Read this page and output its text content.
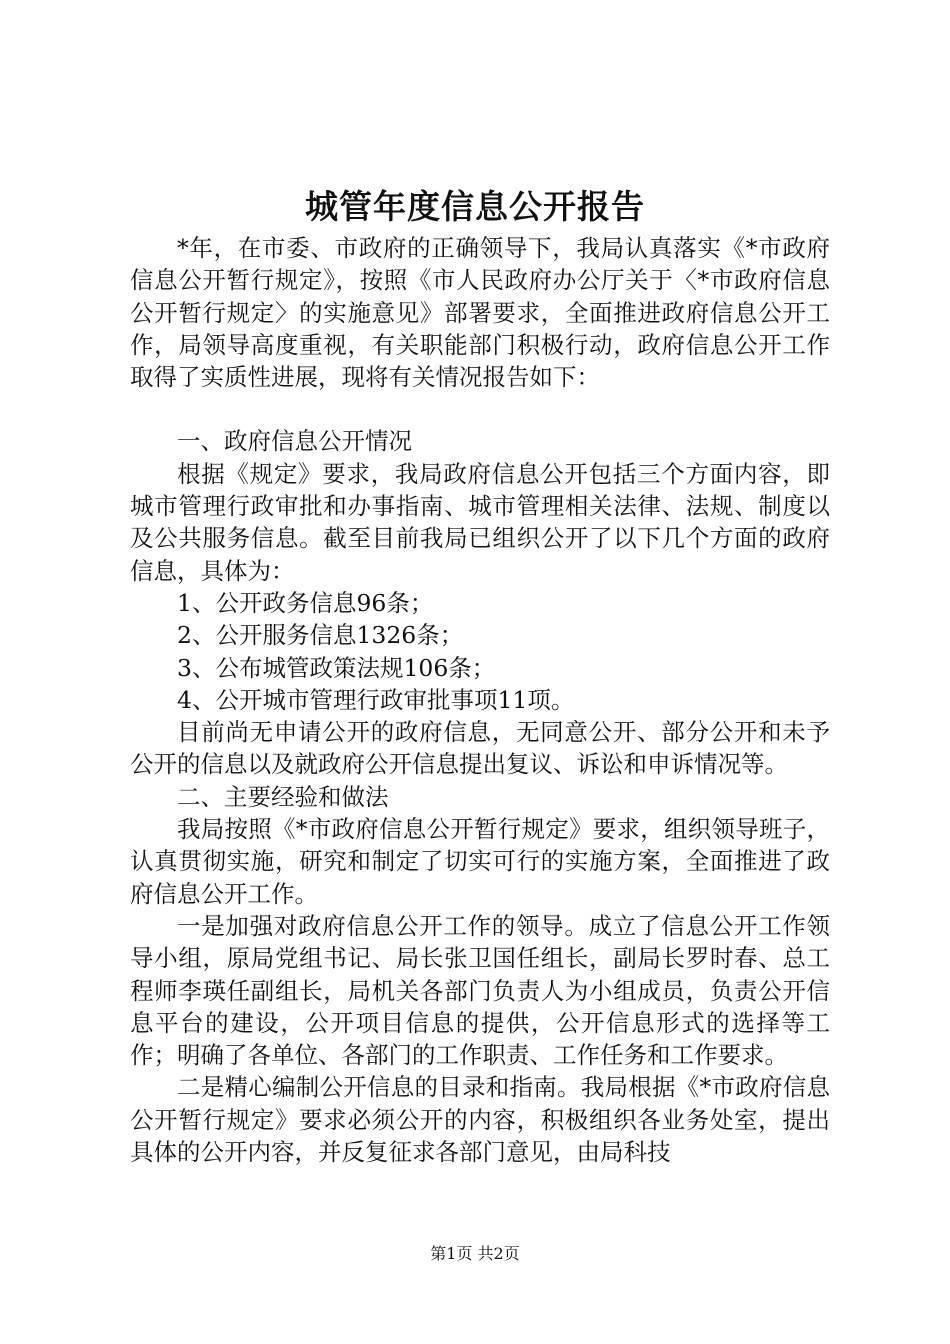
城管年度信息公开报告

*年，在市委、市政府的正确领导下，我局认真落实《*市政府信息公开暂行规定》，按照《市人民政府办公厅关于〈*市政府信息公开暂行规定〉的实施意见》部署要求，全面推进政府信息公开工作，局领导高度重视，有关职能部门积极行动，政府信息公开工作取得了实质性进展，现将有关情况报告如下：

一、政府信息公开情况

根据《规定》要求，我局政府信息公开包括三个方面内容，即城市管理行政审批和办事指南、城市管理相关法律、法规、制度以及公共服务信息。截至目前我局已组织公开了以下几个方面的政府信息，具体为：

1、公开政务信息96条；

2、公开服务信息1326条；

3、公布城管政策法规106条；

4、公开城市管理行政审批事项11项。

目前尚无申请公开的政府信息，无同意公开、部分公开和未予公开的信息以及就政府公开信息提出复议、诉讼和申诉情况等。

二、主要经验和做法

我局按照《*市政府信息公开暂行规定》要求，组织领导班子，认真贯彻实施，研究和制定了切实可行的实施方案，全面推进了政府信息公开工作。

一是加强对政府信息公开工作的领导。成立了信息公开工作领导小组，原局党组书记、局长张卫国任组长，副局长罗时春、总工程师李瑛任副组长，局机关各部门负责人为小组成员，负责公开信息平台的建设，公开项目信息的提供，公开信息形式的选择等工作；明确了各单位、各部门的工作职责、工作任务和工作要求。

二是精心编制公开信息的目录和指南。我局根据《*市政府信息公开暂行规定》要求必须公开的内容，积极组织各业务处室，提出具体的公开内容，并反复征求各部门意见，由局科技

第1页 共2页
